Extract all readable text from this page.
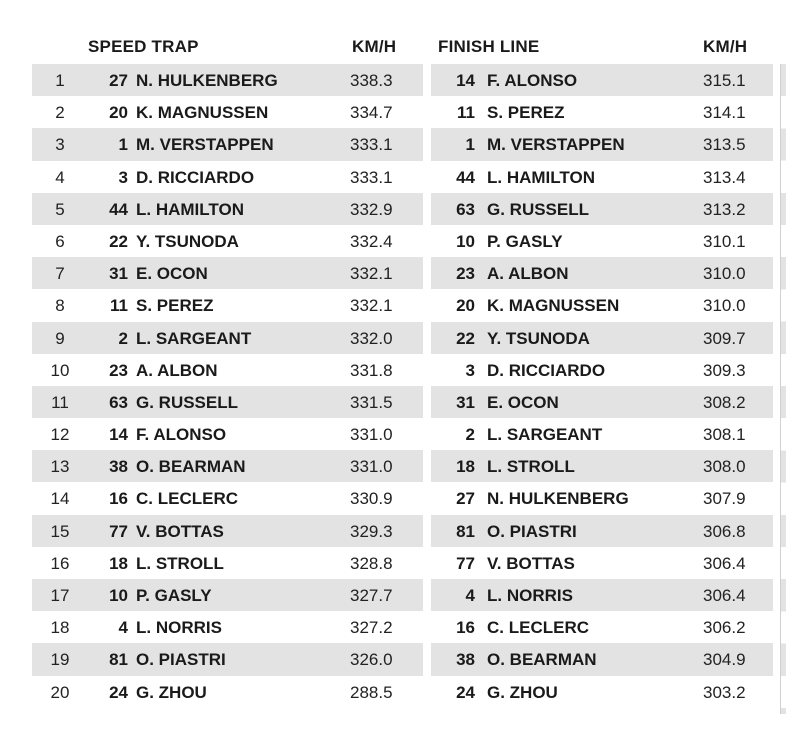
SPEED TRAP	KM/H
1	27 N. HULKENBERG	338.3
2	20 K. MAGNUSSEN	334.7
3	1 M. VERSTAPPEN	333.1
4	3 D. RICCIARDO	333.1
5	44 L. HAMILTON	332.9
6	22 Y. TSUNODA	332.4
7	31 E. OCON	332.1
8	11 S. PEREZ	332.1
9	2 L. SARGEANT	332.0
10	23 A. ALBON	331.8
11	63 G. RUSSELL	331.5
12	14 F. ALONSO	331.0
13	38 O. BEARMAN	331.0
14	16 C. LECLERC	330.9
15	77 V. BOTTAS	329.3
16	18 L. STROLL	328.8
17	10 P. GASLY	327.7
18	4 L. NORRIS	327.2
19	81 O. PIASTRI	326.0
20	24 G. ZHOU	288.5
FINISH LINE	KM/H
14 F. ALONSO	315.1
11 S. PEREZ	314.1
1 M. VERSTAPPEN	313.5
44 L. HAMILTON	313.4
63 G. RUSSELL	313.2
10 P. GASLY	310.1
23 A. ALBON	310.0
20 K. MAGNUSSEN	310.0
22 Y. TSUNODA	309.7
3 D. RICCIARDO	309.3
31 E. OCON	308.2
2 L. SARGEANT	308.1
18 L. STROLL	308.0
27 N. HULKENBERG	307.9
81 O. PIASTRI	306.8
77 V. BOTTAS	306.4
4 L. NORRIS	306.4
16 C. LECLERC	306.2
38 O. BEARMAN	304.9
24 G. ZHOU	303.2
